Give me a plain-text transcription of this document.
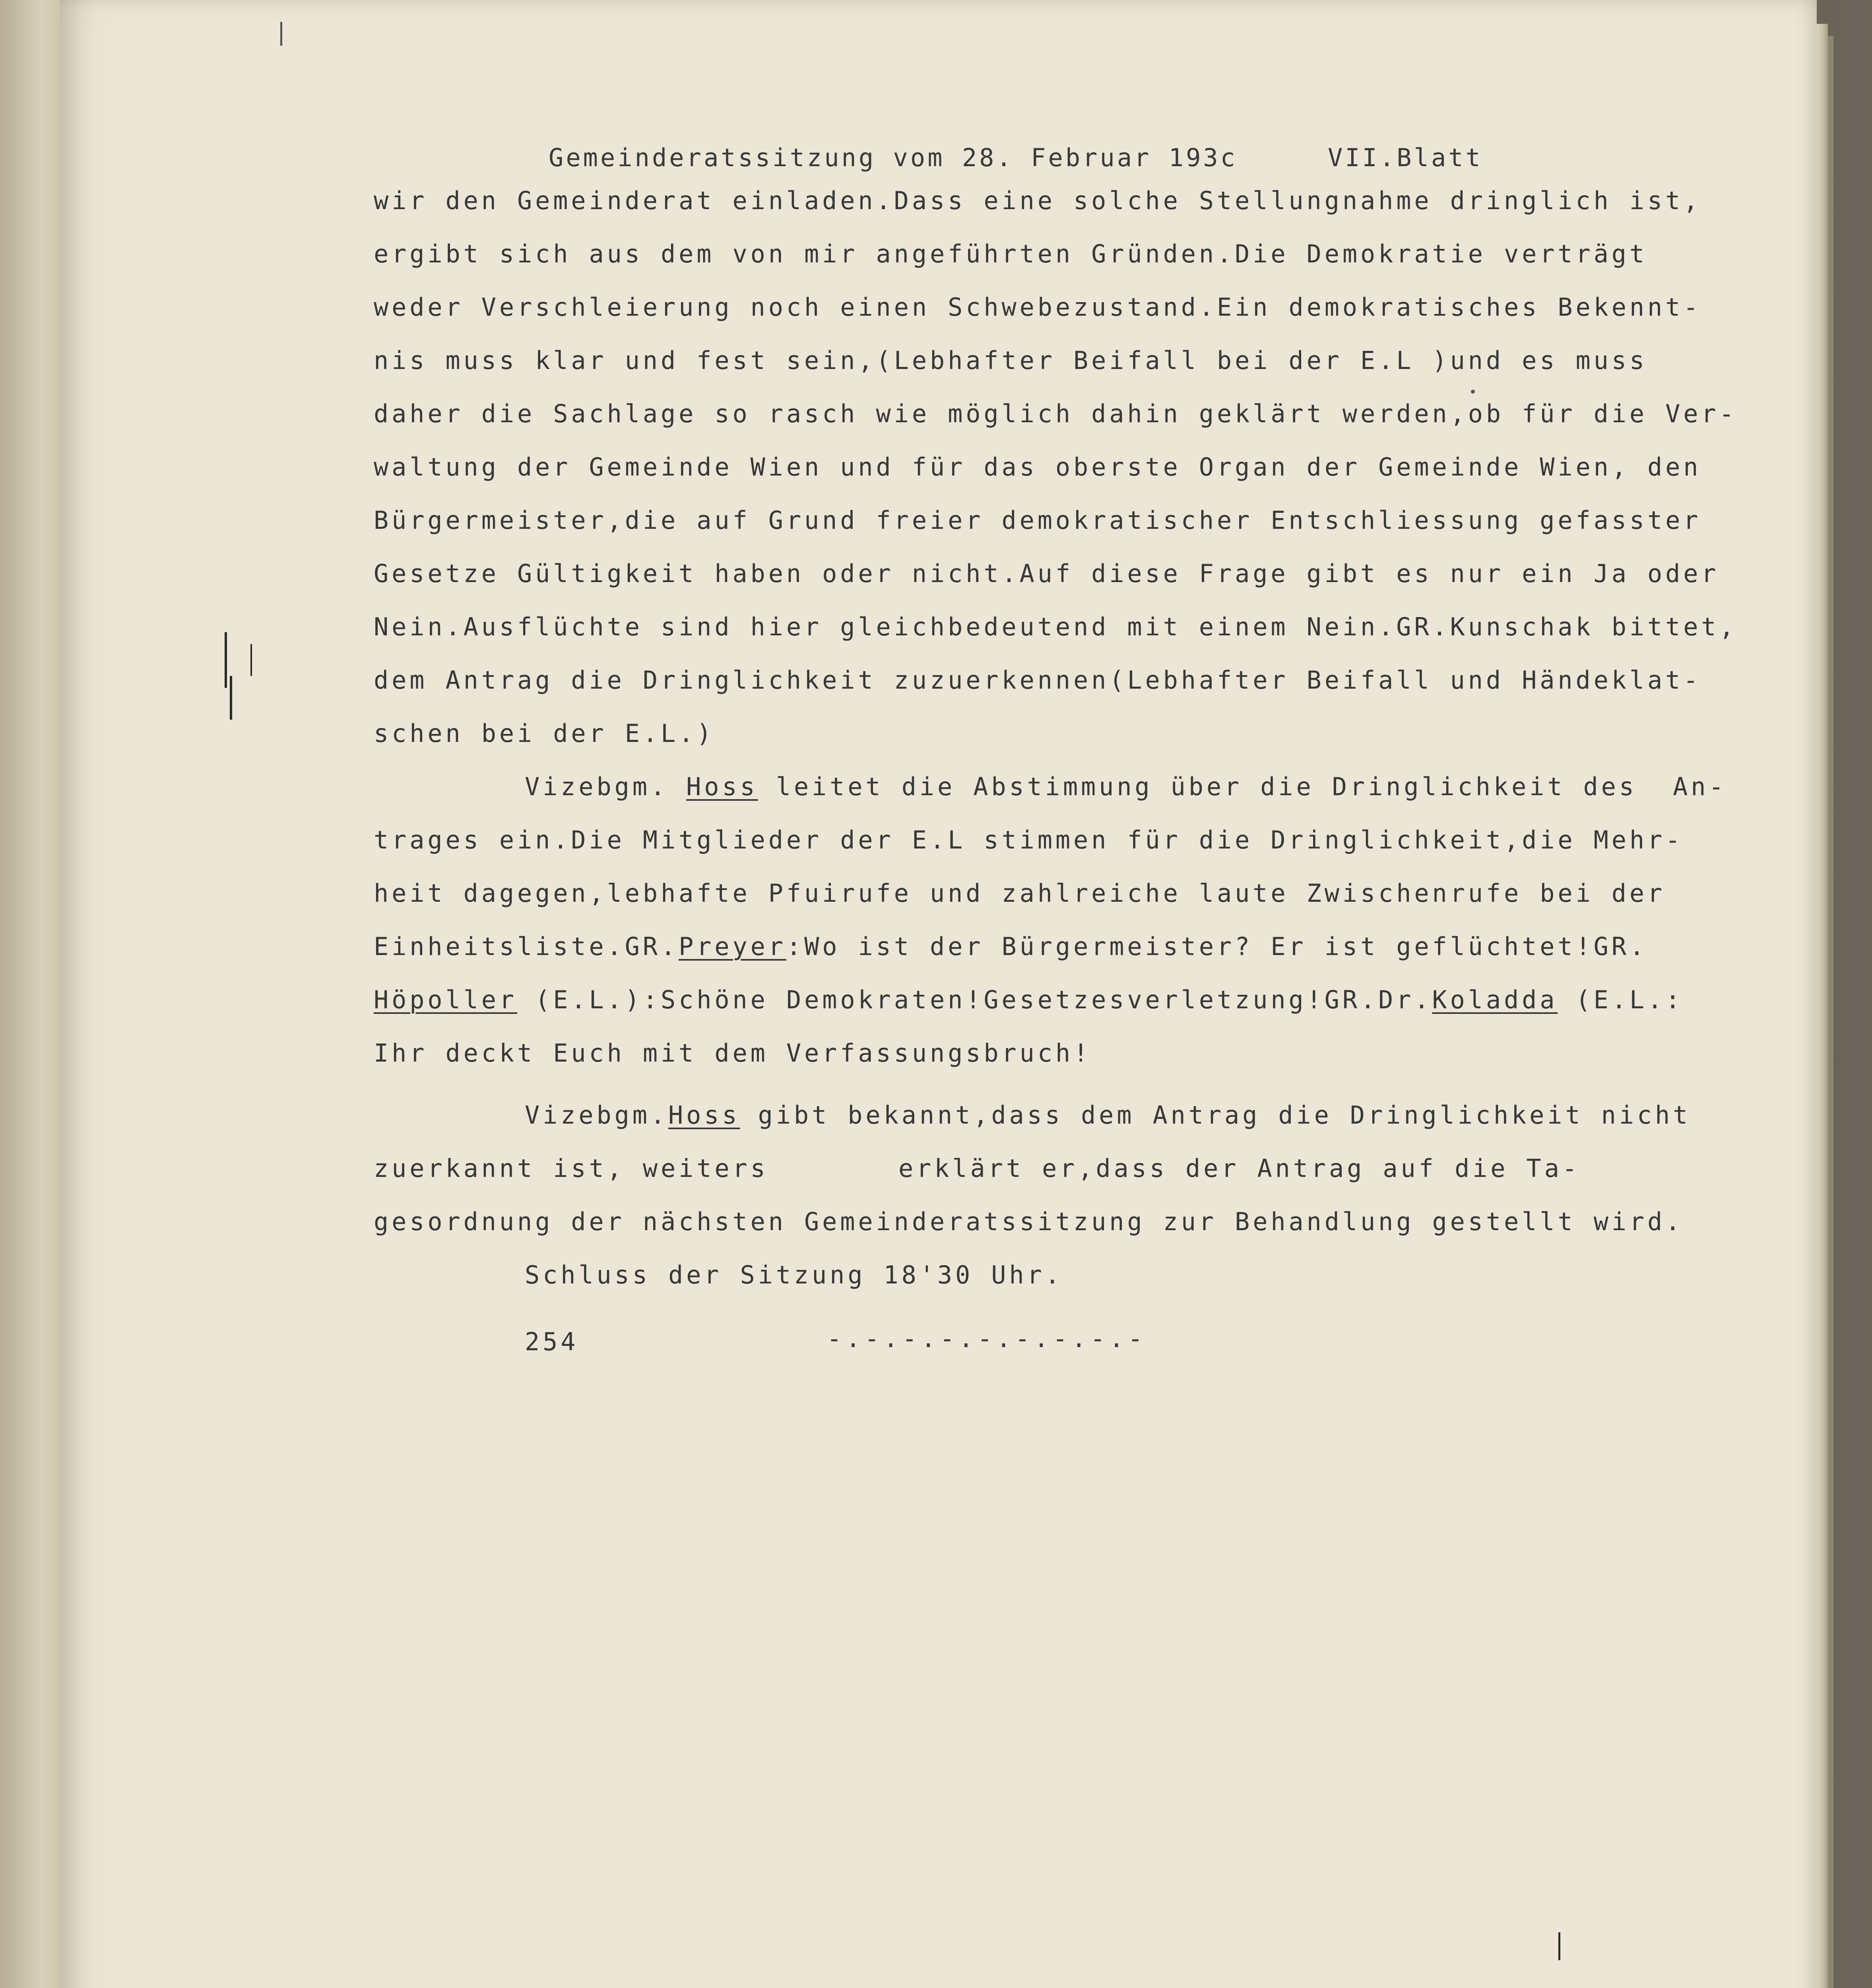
Gemeinderatssitzung vom 28. Februar 193c	VII.Blatt
wir den Gemeinderat einladen.Dass eine solche Stellungnahme dringlich ist,
ergibt sich aus dem von mir angeführten Gründen.Die Demokratie verträgt
weder Verschleierung noch einen Schwebezustand.Ein demokratisches Bekennt-
nis muss klar und fest sein,(Lebhafter Beifall bei der E.L )und es muss
daher die Sachlage so rasch wie möglich dahin geklärt werden,ob für die Ver-
waltung der Gemeinde Wien und für das oberste Organ der Gemeinde Wien, den
Bürgermeister,die auf Grund freier demokratischer Entschliessung gefasster
Gesetze Gültigkeit haben oder nicht.Auf diese Frage gibt es nur ein Ja oder
Nein.Ausflüchte sind hier gleichbedeutend mit einem Nein.GR.Kunschak bittet,
dem Antrag die Dringlichkeit zuzuerkennen(Lebhafter Beifall und Händeklat-
schen bei der E.L.)
Vizebgm. Hoss leitet die Abstimmung über die Dringlichkeit des  An-
trages ein.Die Mitglieder der E.L stimmen für die Dringlichkeit,die Mehr-
heit dagegen,lebhafte Pfuirufe und zahlreiche laute Zwischenrufe bei der
Einheitsliste.GR.Preyer:Wo ist der Bürgermeister? Er ist geflüchtet!GR.
Höpoller (E.L.):Schöne Demokraten!Gesetzesverletzung!GR.Dr.Koladda (E.L.:
Ihr deckt Euch mit dem Verfassungsbruch!
Vizebgm.Hoss gibt bekannt,dass dem Antrag die Dringlichkeit nicht
zuerkannt ist, weiters	erklärt er,dass der Antrag auf die Ta-
gesordnung der nächsten Gemeinderatssitzung zur Behandlung gestellt wird.
Schluss der Sitzung 18'30 Uhr.
254	-.-.-.-.-.-.-.-.-
